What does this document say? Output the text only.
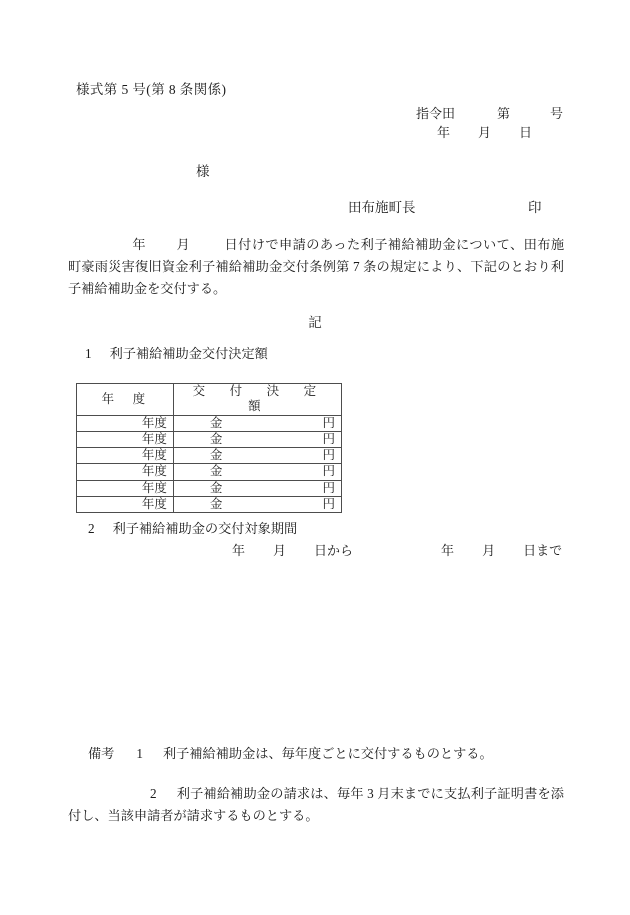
様式第 5 号(第 8 条関係)
指令田	第	号
年 月 日
様
田布施町長	印
年 月	日付けで申請のあった利子補給補助金について、田布施町豪雨災害復旧資金利子補給補助金交付条例第 7 条の規定により、下記のとおり利子補給補助金を交付する。
記
1 利子補給補助金交付決定額
年　度	交　付　決　定　額
年度	金 円

年度	金 円

年度	金 円

年度	金 円

年度	金 円

年度	金 円
2 利子補給補助金の交付対象期間
年 月 日から	年 月 日まで
備考 1 利子補給補助金は、毎年度ごとに交付するものとする。
2 利子補給補助金の請求は、毎年 3 月末までに支払利子証明書を添付し、当該申請者が請求するものとする。
